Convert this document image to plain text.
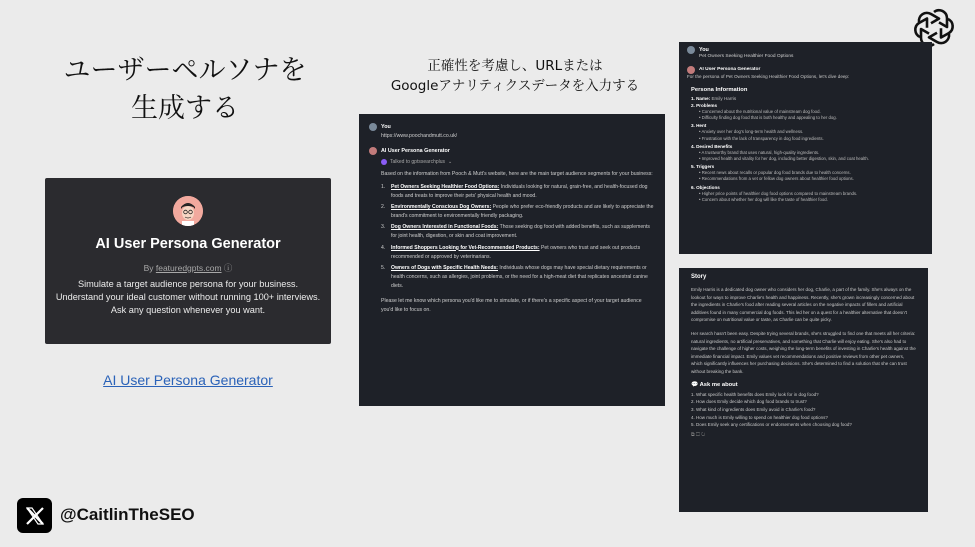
ユーザーペルソナを
生成する
AI User Persona Generator
By featuredgpts.com ⓘ
Simulate a target audience persona for your business. Understand your ideal customer without running 100+ interviews. Ask any question whenever you want.
AI User Persona Generator
正確性を考慮し、URLまたは
Googleアナリティクスデータを入力する
You
https://www.poochandmutt.co.uk/
AI User Persona Generator
Talked to gptssearchplus ⌄
Based on the information from Pooch & Mutt's website, here are the main target audience segments for your business:
1.	Pet Owners Seeking Healthier Food Options: Individuals looking for natural, grain-free, and health-focused dog foods and treats to improve their pets' physical health and mood.
2.	Environmentally Conscious Dog Owners: People who prefer eco-friendly products and are likely to appreciate the brand's commitment to environmentally friendly packaging.
3.	Dog Owners Interested in Functional Foods: Those seeking dog food with added benefits, such as supplements for joint health, digestion, or skin and coat improvement.
4.	Informed Shoppers Looking for Vet-Recommended Products: Pet owners who trust and seek out products recommended or approved by veterinarians.
5.	Owners of Dogs with Specific Health Needs: Individuals whose dogs may have special dietary requirements or health concerns, such as allergies, joint problems, or the need for a high-meat diet that replicates ancestral canine diets.
Please let me know which persona you'd like me to simulate, or if there's a specific aspect of your target audience you'd like to focus on.
You
Pet Owners Seeking Healthier Food Options
AI User Persona Generator
For the persona of Pet Owners Seeking Healthier Food Options, let's dive deep:
Persona Information
1. Name: Emily Harris
2. Problems
• Concerned about the nutritional value of mainstream dog food.
• Difficulty finding dog food that is both healthy and appealing to her dog.
3. Hent
• Anxiety over her dog's long-term health and wellness.
• Frustration with the lack of transparency in dog food ingredients.
4. Desired Benefits
• A trustworthy brand that uses natural, high-quality ingredients.
• Improved health and vitality for her dog, including better digestion, skin, and coat health.
5. Triggers
• Recent news about recalls or popular dog food brands due to health concerns.
• Recommendations from a vet or fellow dog owners about healthier food options.
6. Objections
• Higher price points of healthier dog food options compared to mainstream brands.
• Concern about whether her dog will like the taste of healthier food.
Story
Emily Harris is a dedicated dog owner who considers her dog, Charlie, a part of the family. She's always on the lookout for ways to improve Charlie's health and happiness. Recently, she's grown increasingly concerned about the ingredients in Charlie's food after reading several articles on the negative impacts of fillers and artificial additives found in many commercial dog foods. This led her on a quest for a healthier alternative that doesn't compromise on nutritional value or taste, as Charlie can be quite picky.
Her search hasn't been easy. Despite trying several brands, she's struggled to find one that meets all her criteria: natural ingredients, no artificial preservatives, and something that Charlie will enjoy eating. She's also had to navigate the challenge of higher costs, weighing the long-term benefits of investing in Charlie's health against the immediate financial impact. Emily values vet recommendations and positive reviews from other pet owners, which significantly influences her purchasing decisions. She's determined to find a solution that she can trust without breaking the bank.
💬 Ask me about
1. What specific health benefits does Emily look for in dog food?
2. How does Emily decide which dog food brands to trust?
3. What kind of ingredients does Emily avoid in Charlie's food?
4. How much is Emily willing to spend on healthier dog food options?
5. Does Emily seek any certifications or endorsements when choosing dog food?
⧉ ☐ ↻
@CaitlinTheSEO
